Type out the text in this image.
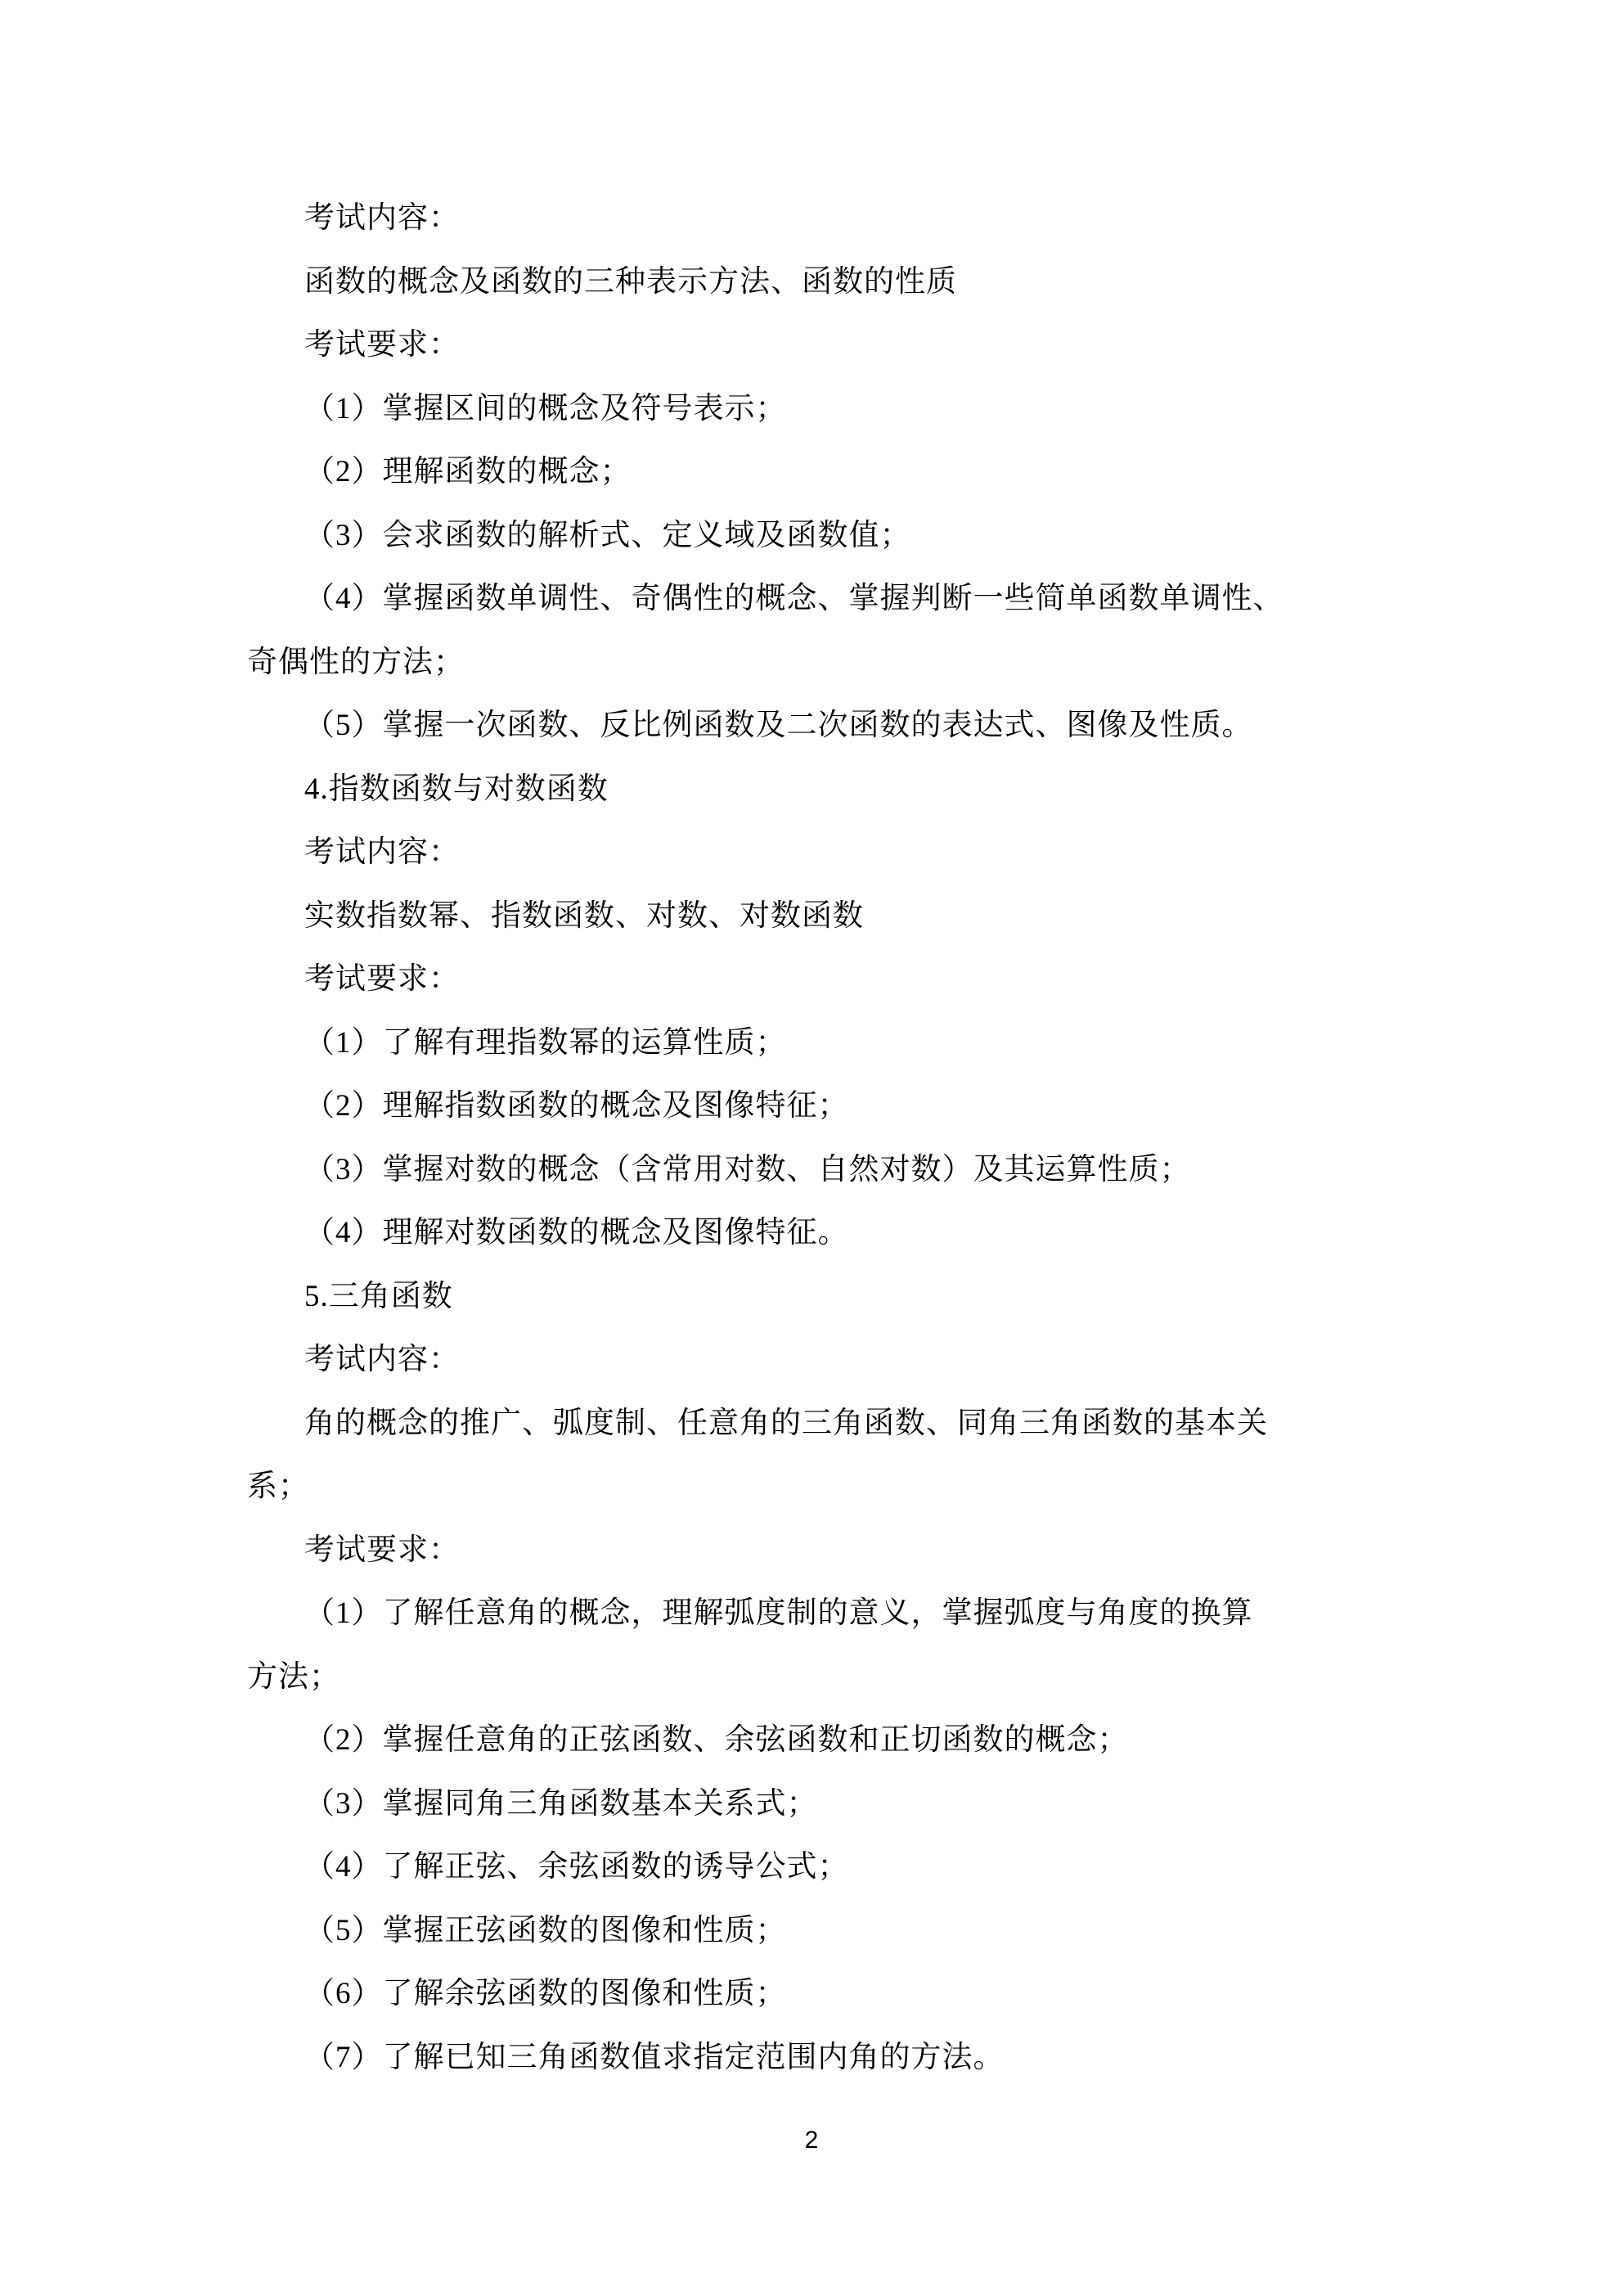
考试内容：
函数的概念及函数的三种表示方法、函数的性质
考试要求：
（1）掌握区间的概念及符号表示；
（2）理解函数的概念；
（3）会求函数的解析式、定义域及函数值；
（4）掌握函数单调性、奇偶性的概念、掌握判断一些简单函数单调性、
奇偶性的方法；
（5）掌握一次函数、反比例函数及二次函数的表达式、图像及性质。
4.指数函数与对数函数
考试内容：
实数指数幂、指数函数、对数、对数函数
考试要求：
（1）了解有理指数幂的运算性质；
（2）理解指数函数的概念及图像特征；
（3）掌握对数的概念（含常用对数、自然对数）及其运算性质；
（4）理解对数函数的概念及图像特征。
5.三角函数
考试内容：
角的概念的推广、弧度制、任意角的三角函数、同角三角函数的基本关
系；
考试要求：
（1）了解任意角的概念，理解弧度制的意义，掌握弧度与角度的换算
方法；
（2）掌握任意角的正弦函数、余弦函数和正切函数的概念；
（3）掌握同角三角函数基本关系式；
（4）了解正弦、余弦函数的诱导公式；
（5）掌握正弦函数的图像和性质；
（6）了解余弦函数的图像和性质；
（7）了解已知三角函数值求指定范围内角的方法。
2
